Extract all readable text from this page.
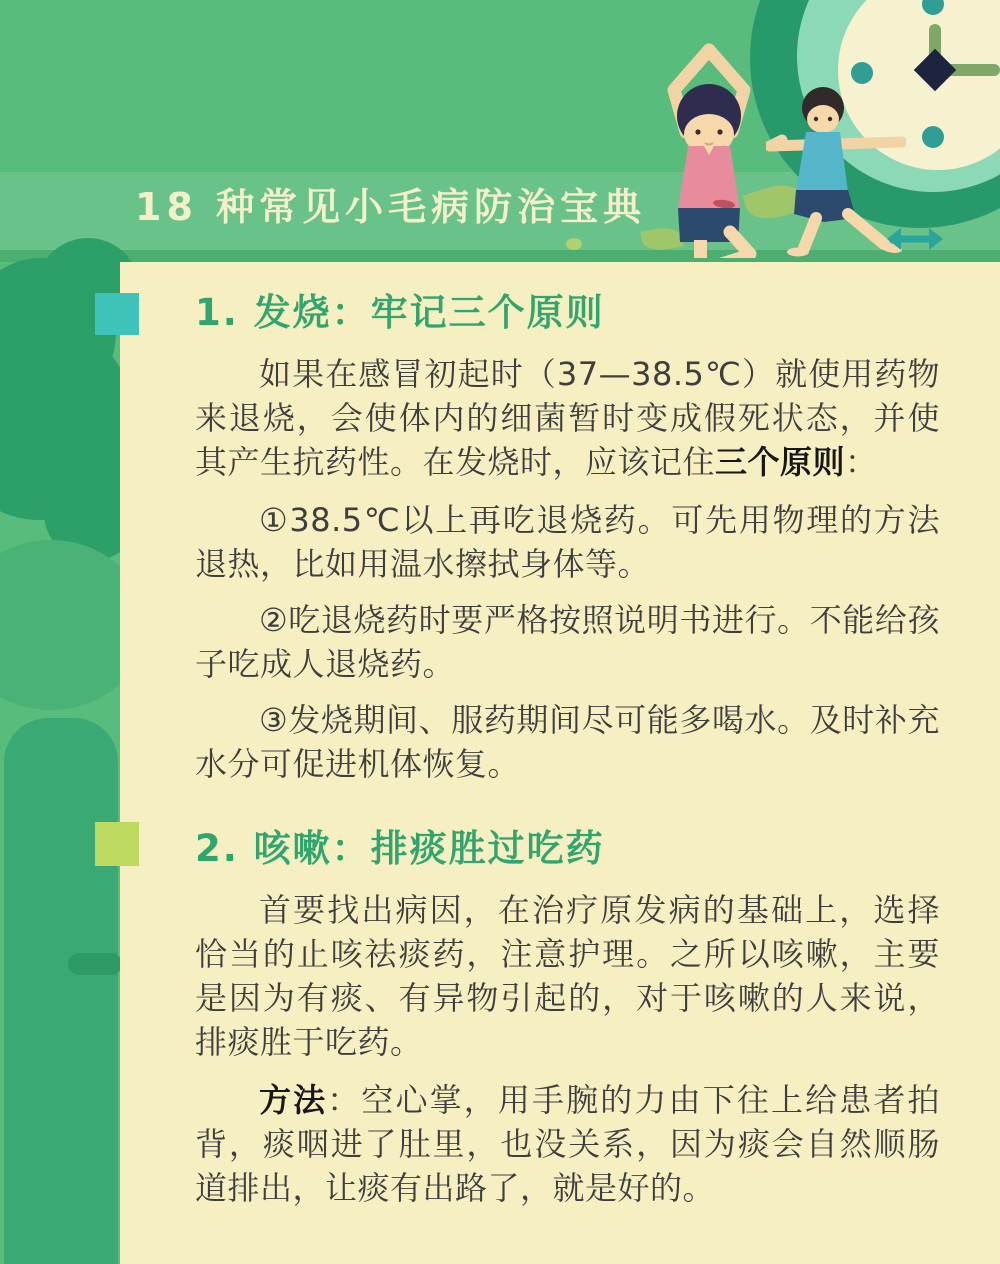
18 种常见小毛病防治宝典
1. 发烧：牢记三个原则

如果在感冒初起时（37—38.5℃）就使用药物来退烧，会使体内的细菌暂时变成假死状态，并使其产生抗药性。在发烧时，应该记住三个原则：

①38.5℃以上再吃退烧药。可先用物理的方法退热，比如用温水擦拭身体等。

②吃退烧药时要严格按照说明书进行。不能给孩子吃成人退烧药。

③发烧期间、服药期间尽可能多喝水。及时补充水分可促进机体恢复。

2. 咳嗽：排痰胜过吃药

首要找出病因，在治疗原发病的基础上，选择恰当的止咳祛痰药，注意护理。之所以咳嗽，主要是因为有痰、有异物引起的，对于咳嗽的人来说，排痰胜于吃药。

方法：空心掌，用手腕的力由下往上给患者拍背，痰咽进了肚里，也没关系，因为痰会自然顺肠道排出，让痰有出路了，就是好的。
